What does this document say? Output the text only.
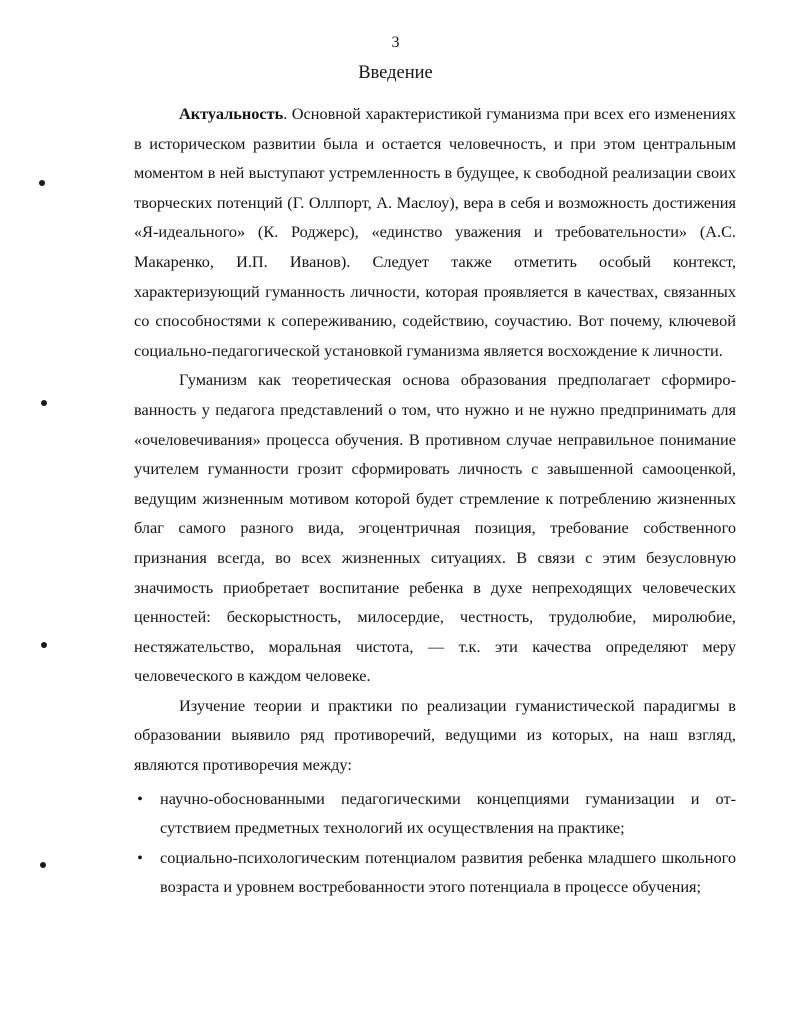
3
Введение

Актуальность. Основной характеристикой гуманизма при всех его изменениях в историческом развитии была и остается человечность, и при этом центральным моментом в ней выступают устремленность в будущее, к свободной реализации своих творческих потенций (Г. Оллпорт, А. Маслоу), вера в себя и возможность достижения «Я-идеального» (К. Роджерс), «единство уважения и требовательности» (А.С. Макаренко, И.П. Иванов). Следует также отметить особый контекст, характеризующий гуманность личности, которая проявляется в качествах, связанных со способностями к сопереживанию, содействию, соучастию. Вот почему, ключевой социально-педагогической установкой гуманизма является восхождение к личности.

Гуманизм как теоретическая основа образования предполагает сформированность у педагога представлений о том, что нужно и не нужно предпринимать для «очеловечивания» процесса обучения. В противном случае неправильное понимание учителем гуманности грозит сформировать личность с завышенной самооценкой, ведущим жизненным мотивом которой будет стремление к потреблению жизненных благ самого разного вида, эгоцентричная позиция, требование собственного признания всегда, во всех жизненных ситуациях. В связи с этим безусловную значимость приобретает воспитание ребенка в духе непреходящих человеческих ценностей: бескорыстность, милосердие, честность, трудолюбие, миролюбие, нестяжательство, моральная чистота, — т.к. эти качества определяют меру человеческого в каждом человеке.

Изучение теории и практики по реализации гуманистической парадигмы в образовании выявило ряд противоречий, ведущими из которых, на наш взгляд, являются противоречия между:

• научно-обоснованными педагогическими концепциями гуманизации и отсутствием предметных технологий их осуществления на практике;
• социально-психологическим потенциалом развития ребенка младшего школьного возраста и уровнем востребованности этого потенциала в процессе обучения;
